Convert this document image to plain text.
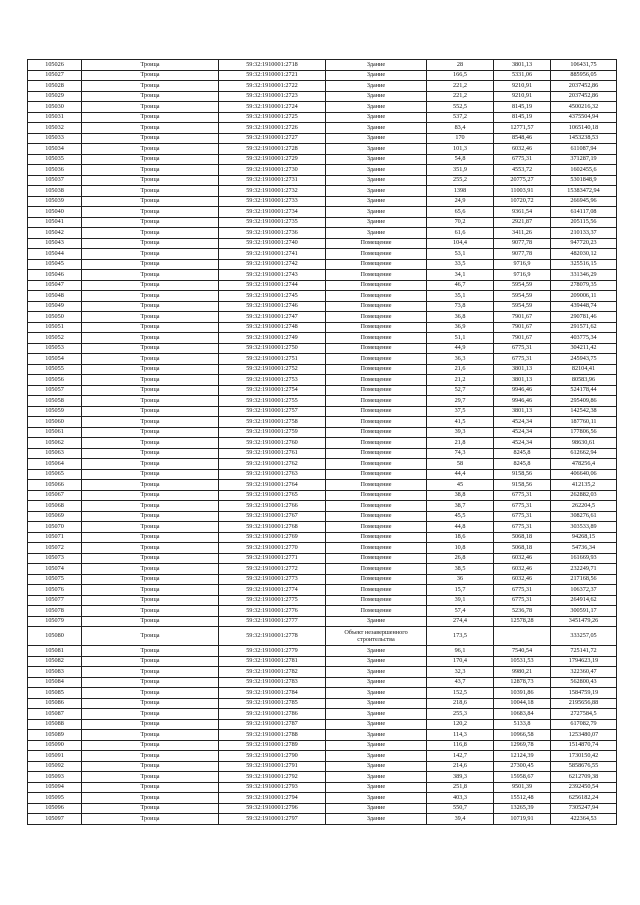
105026	Троица	59:32:1910001:2718	Здание	28	3801,13	106431,75
105027	Троица	59:32:1910001:2721	Здание	166,5	5331,06	885956,05
105028	Троица	59:32:1910001:2722	Здание	221,2	9210,91	2037452,86
105029	Троица	59:32:1910001:2723	Здание	221,2	9210,91	2037452,86
105030	Троица	59:32:1910001:2724	Здание	552,5	8145,19	4500216,32
105031	Троица	59:32:1910001:2725	Здание	537,2	8145,19	4375504,94
105032	Троица	59:32:1910001:2726	Здание	83,4	12771,57	1065140,18
105033	Троица	59:32:1910001:2727	Здание	170	8548,46	1453238,53
105034	Троица	59:32:1910001:2728	Здание	101,3	6032,46	611087,94
105035	Троица	59:32:1910001:2729	Здание	54,8	6775,31	371287,19
105036	Троица	59:32:1910001:2730	Здание	351,9	4553,72	1602455,6
105037	Троица	59:32:1910001:2731	Здание	255,2	20775,27	5301848,9
105038	Троица	59:32:1910001:2732	Здание	1398	11003,91	15383472,94
105039	Троица	59:32:1910001:2733	Здание	24,9	10720,72	266945,96
105040	Троица	59:32:1910001:2734	Здание	65,6	9361,54	614117,08
105041	Троица	59:32:1910001:2735	Здание	70,2	2921,87	205115,56
105042	Троица	59:32:1910001:2736	Здание	61,6	3411,26	210133,37
105043	Троица	59:32:1910001:2740	Помещение	104,4	9077,78	947720,23
105044	Троица	59:32:1910001:2741	Помещение	53,1	9077,78	482030,12
105045	Троица	59:32:1910001:2742	Помещение	33,5	9716,9	325516,15
105046	Троица	59:32:1910001:2743	Помещение	34,1	9716,9	331346,29
105047	Троица	59:32:1910001:2744	Помещение	46,7	5954,59	278079,35
105048	Троица	59:32:1910001:2745	Помещение	35,1	5954,59	209006,11
105049	Троица	59:32:1910001:2746	Помещение	73,8	5954,59	439448,74
105050	Троица	59:32:1910001:2747	Помещение	36,8	7901,67	290781,46
105051	Троица	59:32:1910001:2748	Помещение	36,9	7901,67	291571,62
105052	Троица	59:32:1910001:2749	Помещение	51,1	7901,67	403775,34
105053	Троица	59:32:1910001:2750	Помещение	44,9	6775,31	304211,42
105054	Троица	59:32:1910001:2751	Помещение	36,3	6775,31	245943,75
105055	Троица	59:32:1910001:2752	Помещение	21,6	3801,13	82104,41
105056	Троица	59:32:1910001:2753	Помещение	21,2	3801,13	80583,96
105057	Троица	59:32:1910001:2754	Помещение	52,7	9946,46	524178,44
105058	Троица	59:32:1910001:2755	Помещение	29,7	9946,46	295409,86
105059	Троица	59:32:1910001:2757	Помещение	37,5	3801,13	142542,38
105060	Троица	59:32:1910001:2758	Помещение	41,5	4524,34	187760,11
105061	Троица	59:32:1910001:2759	Помещение	39,3	4524,34	177806,56
105062	Троица	59:32:1910001:2760	Помещение	21,8	4524,34	98630,61
105063	Троица	59:32:1910001:2761	Помещение	74,3	8245,8	612662,94
105064	Троица	59:32:1910001:2762	Помещение	58	8245,8	478256,4
105065	Троица	59:32:1910001:2763	Помещение	44,4	9158,56	406640,06
105066	Троица	59:32:1910001:2764	Помещение	45	9158,56	412135,2
105067	Троица	59:32:1910001:2765	Помещение	38,8	6775,31	262882,03
105068	Троица	59:32:1910001:2766	Помещение	38,7	6775,31	262204,5
105069	Троица	59:32:1910001:2767	Помещение	45,5	6775,31	308276,61
105070	Троица	59:32:1910001:2768	Помещение	44,8	6775,31	303533,89
105071	Троица	59:32:1910001:2769	Помещение	18,6	5068,18	94268,15
105072	Троица	59:32:1910001:2770	Помещение	10,8	5068,18	54736,34
105073	Троица	59:32:1910001:2771	Помещение	26,8	6032,46	161669,93
105074	Троица	59:32:1910001:2772	Помещение	38,5	6032,46	232249,71
105075	Троица	59:32:1910001:2773	Помещение	36	6032,46	217168,56
105076	Троица	59:32:1910001:2774	Помещение	15,7	6775,31	106372,37
105077	Троица	59:32:1910001:2775	Помещение	39,1	6775,31	264914,62
105078	Троица	59:32:1910001:2776	Помещение	57,4	5236,78	300591,17
105079	Троица	59:32:1910001:2777	Здание	274,4	12578,28	3451479,26
105080	Троица	59:32:1910001:2778	Объект незавершенного строительства	173,5		333257,05
105081	Троица	59:32:1910001:2779	Здание	96,1	7540,54	725141,72
105082	Троица	59:32:1910001:2781	Здание	170,4	10531,53	1794623,19
105083	Троица	59:32:1910001:2782	Здание	32,3	9980,21	322360,47
105084	Троица	59:32:1910001:2783	Здание	43,7	12878,73	562800,43
105085	Троица	59:32:1910001:2784	Здание	152,5	10391,86	1584759,19
105086	Троица	59:32:1910001:2785	Здание	218,6	10044,18	2195656,88
105087	Троица	59:32:1910001:2786	Здание	255,3	10683,84	2727584,5
105088	Троица	59:32:1910001:2787	Здание	120,2	5133,8	617082,79
105089	Троица	59:32:1910001:2788	Здание	114,3	10966,58	1253480,07
105090	Троица	59:32:1910001:2789	Здание	116,8	12969,78	1514870,74
105091	Троица	59:32:1910001:2790	Здание	142,7	12124,39	1730150,42
105092	Троица	59:32:1910001:2791	Здание	214,6	27300,45	5858676,55
105093	Троица	59:32:1910001:2792	Здание	389,3	15958,67	6212709,38
105094	Троица	59:32:1910001:2793	Здание	251,8	9501,39	2392450,54
105095	Троица	59:32:1910001:2794	Здание	403,3	15512,48	6256182,24
105096	Троица	59:32:1910001:2796	Здание	550,7	13265,39	7305247,94
105097	Троица	59:32:1910001:2797	Здание	39,4	10719,91	422364,53
